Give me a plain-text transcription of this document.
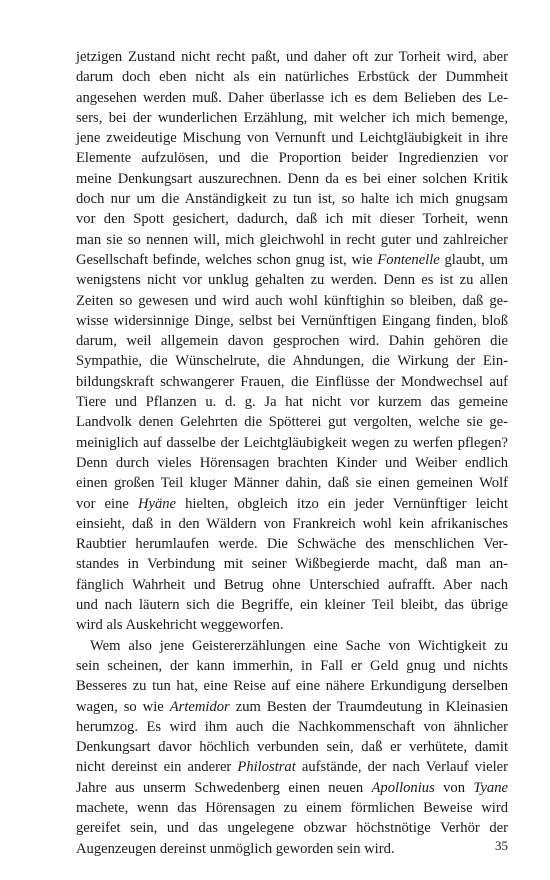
jetzigen Zustand nicht recht paßt, und daher oft zur Torheit wird, aber
darum doch eben nicht als ein natürliches Erbstück der Dummheit
angesehen werden muß. Daher überlasse ich es dem Belieben des Le-
sers, bei der wunderlichen Erzählung, mit welcher ich mich bemenge,
jene zweideutige Mischung von Vernunft und Leichtgläubigkeit in ihre
Elemente aufzulösen, und die Proportion beider Ingredienzien vor
meine Denkungsart auszurechnen. Denn da es bei einer solchen Kritik
doch nur um die Anständigkeit zu tun ist, so halte ich mich gnugsam
vor den Spott gesichert, dadurch, daß ich mit dieser Torheit, wenn
man sie so nennen will, mich gleichwohl in recht guter und zahlreicher
Gesellschaft befinde, welches schon gnug ist, wie Fontenelle glaubt, um
wenigstens nicht vor unklug gehalten zu werden. Denn es ist zu allen
Zeiten so gewesen und wird auch wohl künftighin so bleiben, daß ge-
wisse widersinnige Dinge, selbst bei Vernünftigen Eingang finden, bloß
darum, weil allgemein davon gesprochen wird. Dahin gehören die
Sympathie, die Wünschelrute, die Ahndungen, die Wirkung der Ein-
bildungskraft schwangerer Frauen, die Einflüsse der Mondwechsel auf
Tiere und Pflanzen u. d. g. Ja hat nicht vor kurzem das gemeine
Landvolk denen Gelehrten die Spötterei gut vergolten, welche sie ge-
meiniglich auf dasselbe der Leichtgläubigkeit wegen zu werfen pflegen?
Denn durch vieles Hörensagen brachten Kinder und Weiber endlich
einen großen Teil kluger Männer dahin, daß sie einen gemeinen Wolf
vor eine Hyäne hielten, obgleich itzo ein jeder Vernünftiger leicht
einsieht, daß in den Wäldern von Frankreich wohl kein afrikanisches
Raubtier herumlaufen werde. Die Schwäche des menschlichen Ver-
standes in Verbindung mit seiner Wißbegierde macht, daß man an-
fänglich Wahrheit und Betrug ohne Unterschied aufrafft. Aber nach
und nach läutern sich die Begriffe, ein kleiner Teil bleibt, das übrige
wird als Auskehricht weggeworfen.
Wem also jene Geistererzählungen eine Sache von Wichtigkeit zu
sein scheinen, der kann immerhin, in Fall er Geld gnug und nichts
Besseres zu tun hat, eine Reise auf eine nähere Erkundigung derselben
wagen, so wie Artemidor zum Besten der Traumdeutung in Kleinasien
herumzog. Es wird ihm auch die Nachkommenschaft von ähnlicher
Denkungsart davor höchlich verbunden sein, daß er verhütete, damit
nicht dereinst ein anderer Philostrat aufstände, der nach Verlauf vieler
Jahre aus unserm Schwedenberg einen neuen Apollonius von Tyane
machete, wenn das Hörensagen zu einem förmlichen Beweise wird
gereifet sein, und das ungelegene obzwar höchstnötige Verhör der
Augenzeugen dereinst unmöglich geworden sein wird.	35
